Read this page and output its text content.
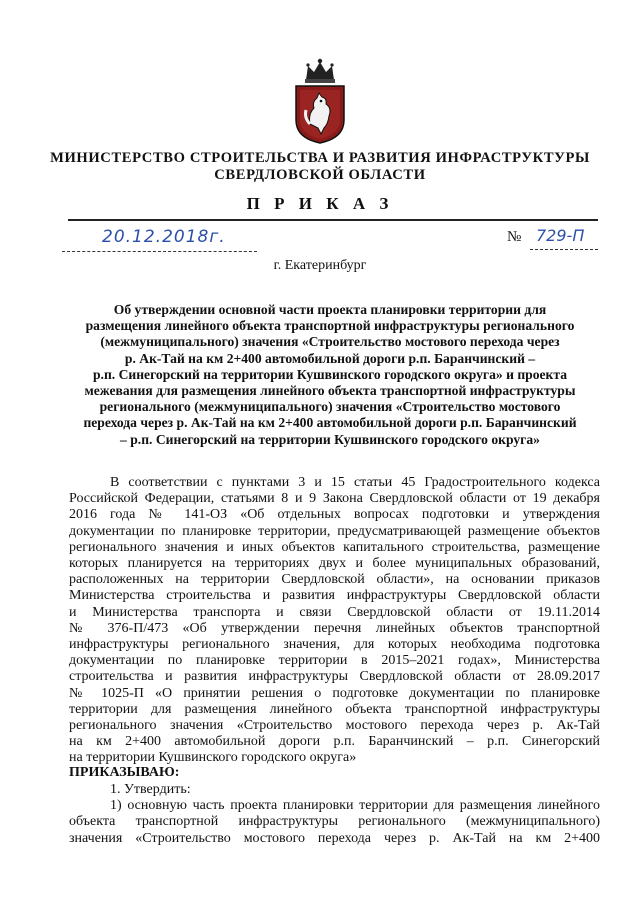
МИНИСТЕРСТВО СТРОИТЕЛЬСТВА И РАЗВИТИЯ ИНФРАСТРУКТУРЫ
СВЕРДЛОВСКОЙ ОБЛАСТИ
П Р И К А З
20.12.2018г.	№ 729-П
г. Екатеринбург
Об утверждении основной части проекта планировки территории для
размещения линейного объекта транспортной инфраструктуры регионального
(межмуниципального) значения «Строительство мостового перехода через
р. Ак-Тай на км 2+400 автомобильной дороги р.п. Баранчинский –
р.п. Синегорский на территории Кушвинского городского округа» и проекта
межевания для размещения линейного объекта транспортной инфраструктуры
регионального (межмуниципального) значения «Строительство мостового
перехода через р. Ак-Тай на км 2+400 автомобильной дороги р.п. Баранчинский
– р.п. Синегорский на территории Кушвинского городского округа»
В соответствии с пунктами 3 и 15 статьи 45 Градостроительного кодекса
Российской Федерации, статьями 8 и 9 Закона Свердловской области от 19 декабря
2016 года № 141-ОЗ «Об отдельных вопросах подготовки и утверждения
документации по планировке территории, предусматривающей размещение объектов
регионального значения и иных объектов капитального строительства, размещение
которых планируется на территориях двух и более муниципальных образований,
расположенных на территории Свердловской области», на основании приказов
Министерства строительства и развития инфраструктуры Свердловской области
и Министерства транспорта и связи Свердловской области от 19.11.2014
№ 376-П/473 «Об утверждении перечня линейных объектов транспортной
инфраструктуры регионального значения, для которых необходима подготовка
документации по планировке территории в 2015–2021 годах», Министерства
строительства и развития инфраструктуры Свердловской области от 28.09.2017
№ 1025-П «О принятии решения о подготовке документации по планировке
территории для размещения линейного объекта транспортной инфраструктуры
регионального значения «Строительство мостового перехода через р. Ак-Тай
на км 2+400 автомобильной дороги р.п. Баранчинский – р.п. Синегорский
на территории Кушвинского городского округа»
ПРИКАЗЫВАЮ:
1. Утвердить:
1) основную часть проекта планировки территории для размещения линейного
объекта транспортной инфраструктуры регионального (межмуниципального)
значения «Строительство мостового перехода через р. Ак-Тай на км 2+400
